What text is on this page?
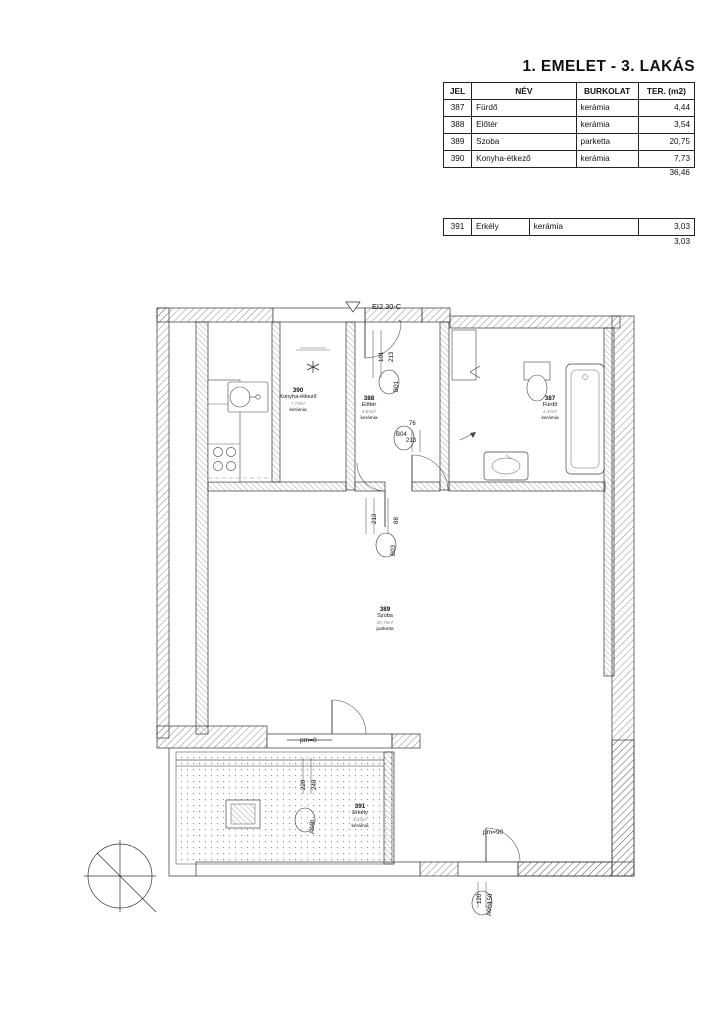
1. EMELET - 3. LAKÁS
JEL	NÉV	BURKOLAT	TER. (m2)
387	Fürdő	kerámia	4,44
388	Előtér	kerámia	3,54
389	Szoba	parketta	20,75
390	Konyha-étkező	kerámia	7,73
36,46
391	Erkély	kerámia	3,03
3,03
390
Konyha-étkező
7,73m²
kerámia
388
Előtér
3,54m²
kerámia
387
Fürdő
4,44m²
kerámia
389
Szoba
20,75m²
parketta
391
Erkély
3,03m²
kerámia
EI2 30-C
101 213
B01
76
213
B04
213 88
B03
pm=0
220 240
A04b	pm=90
120 150
A06a
